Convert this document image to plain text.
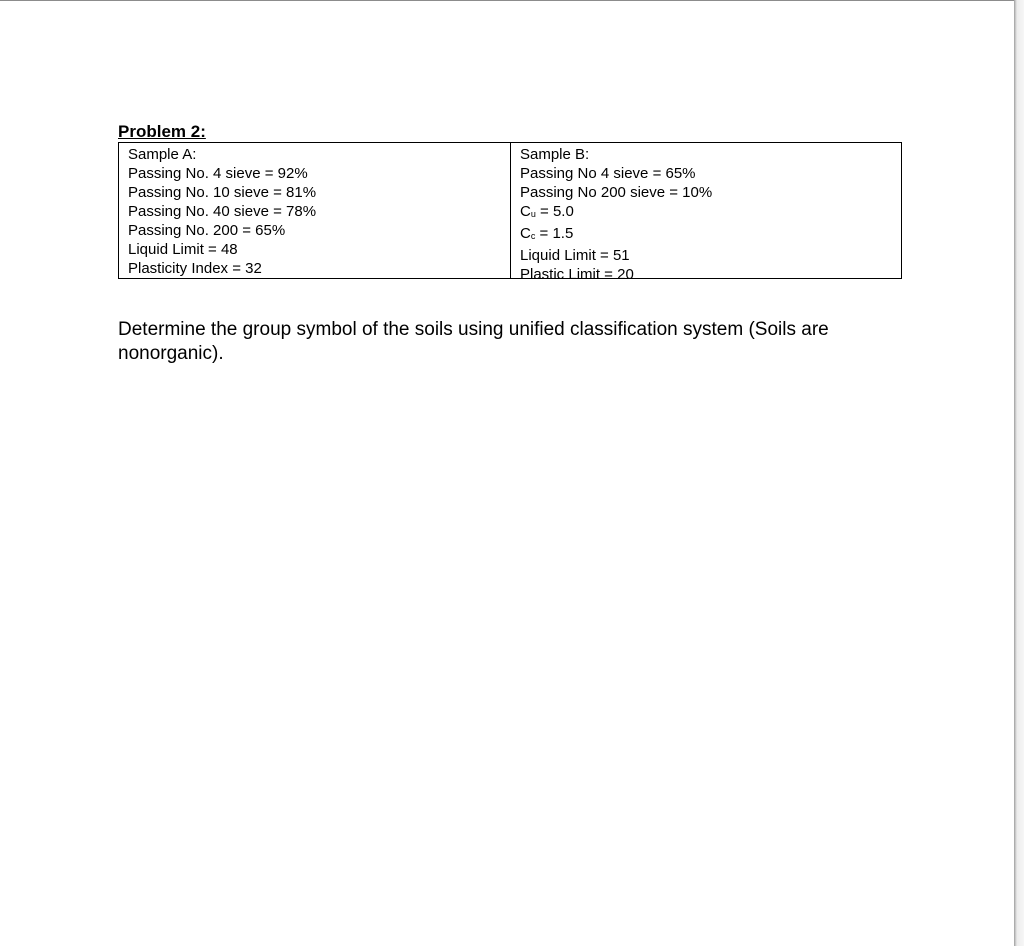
Problem 2:
Sample A:
Passing No. 4 sieve = 92%
Passing No. 10 sieve = 81%
Passing No. 40 sieve = 78%
Passing No. 200 = 65%
Liquid Limit = 48
Plasticity Index = 32
Sample B:
Passing No 4 sieve = 65%
Passing No 200 sieve = 10%
Cu = 5.0
Cc = 1.5
Liquid Limit = 51
Plastic Limit = 20
Determine the group symbol of the soils using unified classification system (Soils are nonorganic).
